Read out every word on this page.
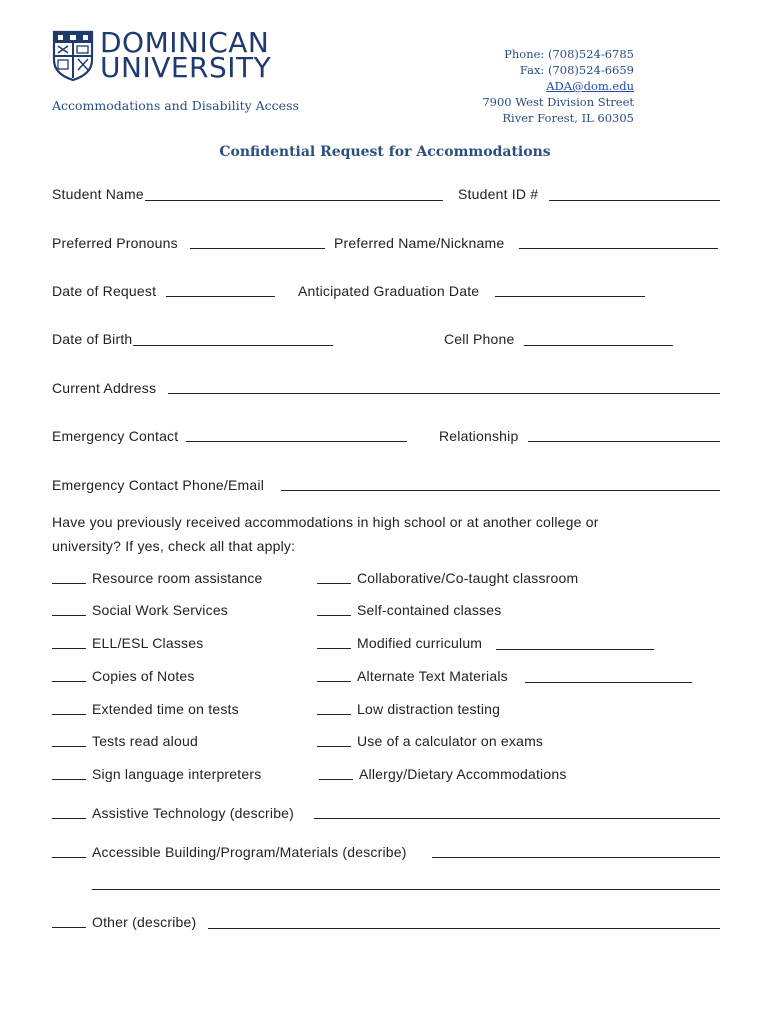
DOMINICAN
UNIVERSITY
Accommodations and Disability Access
Phone: (708)524-6785
Fax: (708)524-6659
ADA@dom.edu
7900 West Division Street
River Forest, IL 60305
Confidential Request for Accommodations
Student Name	Student ID #
Preferred Pronouns	Preferred Name/Nickname
Date of Request	Anticipated Graduation Date
Date of Birth	Cell Phone
Current Address
Emergency Contact	Relationship
Emergency Contact Phone/Email
Have you previously received accommodations in high school or at another college or
university? If yes, check all that apply:
Resource room assistance
Social Work Services
ELL/ESL Classes
Copies of Notes
Extended time on tests
Tests read aloud
Sign language interpreters
Collaborative/Co-taught classroom
Self-contained classes
Modified curriculum
Alternate Text Materials
Low distraction testing
Use of a calculator on exams
Allergy/Dietary Accommodations
Assistive Technology (describe)
Accessible Building/Program/Materials (describe)
Other (describe)
